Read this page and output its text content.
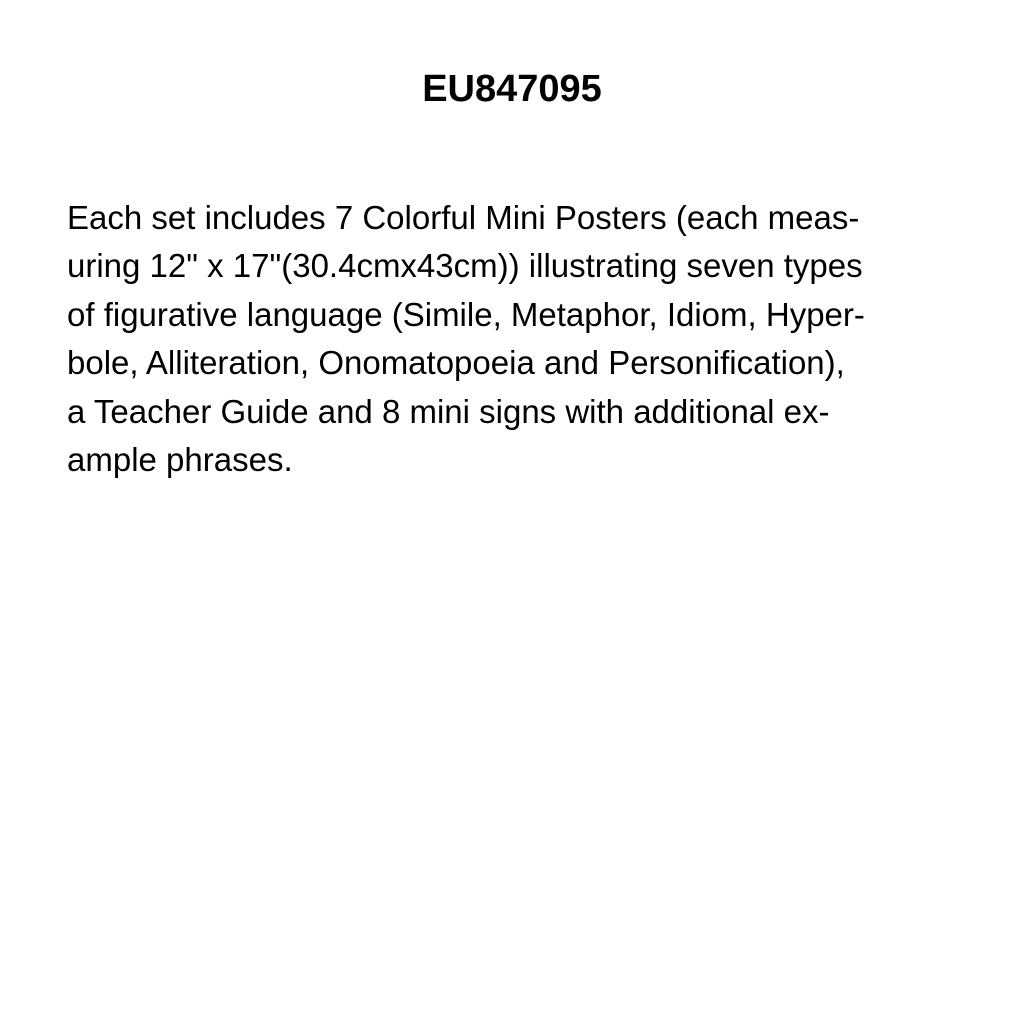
EU847095

Each set includes 7 Colorful Mini Posters (each meas-
uring 12" x 17"(30.4cmx43cm)) illustrating seven types
of figurative language (Simile, Metaphor, Idiom, Hyper-
bole, Alliteration, Onomatopoeia and Personification),
a Teacher Guide and 8 mini signs with additional ex-
ample phrases.
